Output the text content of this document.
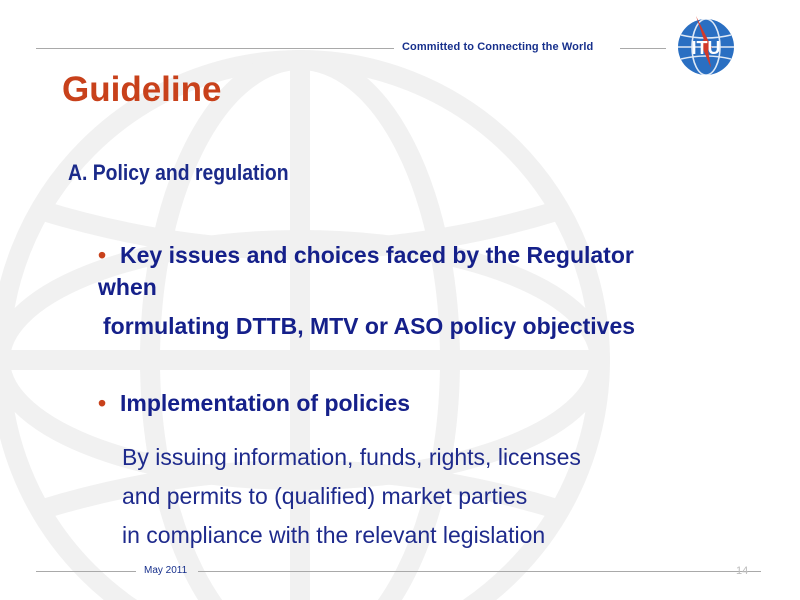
Committed to Connecting the World	ITU
Guideline
A. Policy and regulation
• Key issues and choices faced by the Regulator
when
formulating DTTB, MTV or ASO policy objectives
• Implementation of policies
By issuing information, funds, rights, licenses
and permits to (qualified) market parties
in compliance with the relevant legislation
May 2011	14
